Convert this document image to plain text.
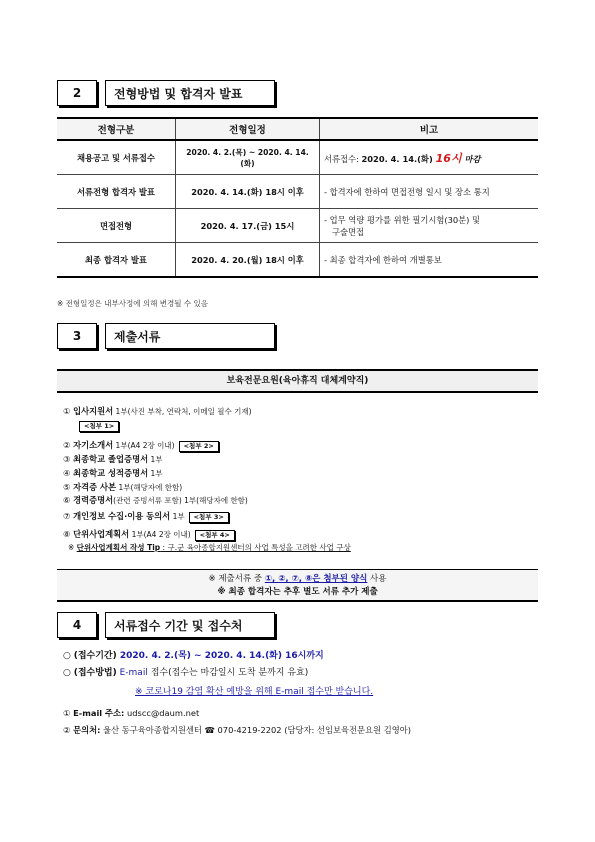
2	전형방법 및 합격자 발표
전형구분	전형일정	비고
채용공고 및 서류접수	2020. 4. 2.(목) ~ 2020. 4. 14.(화)	서류접수: 2020. 4. 14.(화) 16시 마감
서류전형 합격자 발표	2020. 4. 14.(화) 18시 이후	- 합격자에 한하여 면접전형 일시 및 장소 통지
면접전형	2020. 4. 17.(금) 15시	- 업무 역량 평가를 위한 필기시험(30분) 및
구술면접

최종 합격자 발표	2020. 4. 20.(월) 18시 이후	- 최종 합격자에 한하여 개별통보
※ 전형일정은 내부사정에 의해 변경될 수 있음
3	제출서류
보육전문요원(육아휴직 대체계약직)
① 입사지원서 1부(사진 부착, 연락처, 이메일 필수 기재)
<첨부 1>
② 자기소개서 1부(A4 2장 이내) <첨부 2>
③ 최종학교 졸업증명서 1부
④ 최종학교 성적증명서 1부
⑤ 자격증 사본 1부(해당자에 한함)
⑥ 경력증명서(관련 증빙서류 포함) 1부(해당자에 한함)
⑦ 개인정보 수집·이용 동의서 1부 <첨부 3>
⑧ 단위사업계획서 1부(A4 2장 이내) <첨부 4>
※ 단위사업계획서 작성 Tip : 구.군 육아종합지원센터의 사업 특성을 고려한 사업 구상
※ 제출서류 중 ①, ②, ⑦, ⑧은 첨부된 양식 사용
※ 최종 합격자는 추후 별도 서류 추가 제출
4	서류접수 기간 및 접수처
○ (접수기간) 2020. 4. 2.(목) ~ 2020. 4. 14.(화) 16시까지
○ (접수방법) E-mail 접수(접수는 마감일시 도착 분까지 유효)
※ 코로나19 감염 확산 예방을 위해 E-mail 접수만 받습니다.
① E-mail 주소: udscc@daum.net
② 문의처: 울산 동구육아종합지원센터 ☎ 070-4219-2202 (담당자: 선임보육전문요원 김영아)
